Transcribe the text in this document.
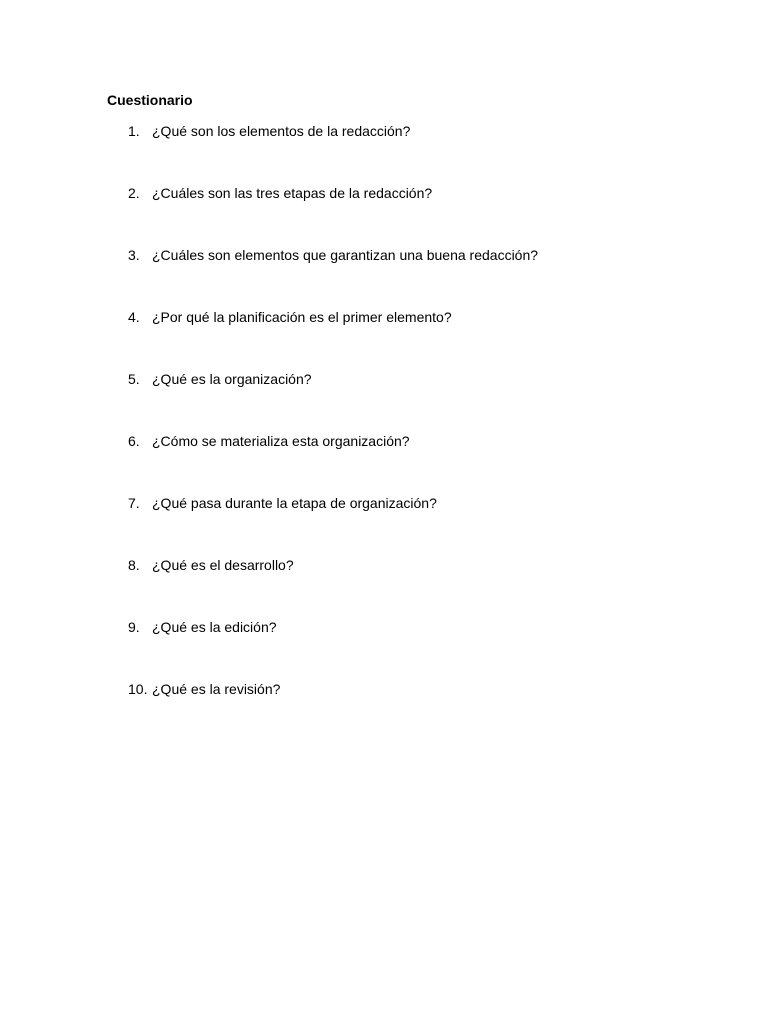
Cuestionario
1. ¿Qué son los elementos de la redacción?
2. ¿Cuáles son las tres etapas de la redacción?
3. ¿Cuáles son elementos que garantizan una buena redacción?
4. ¿Por qué la planificación es el primer elemento?
5. ¿Qué es la organización?
6. ¿Cómo se materializa esta organización?
7. ¿Qué pasa durante la etapa de organización?
8. ¿Qué es el desarrollo?
9. ¿Qué es la edición?
10. ¿Qué es la revisión?
